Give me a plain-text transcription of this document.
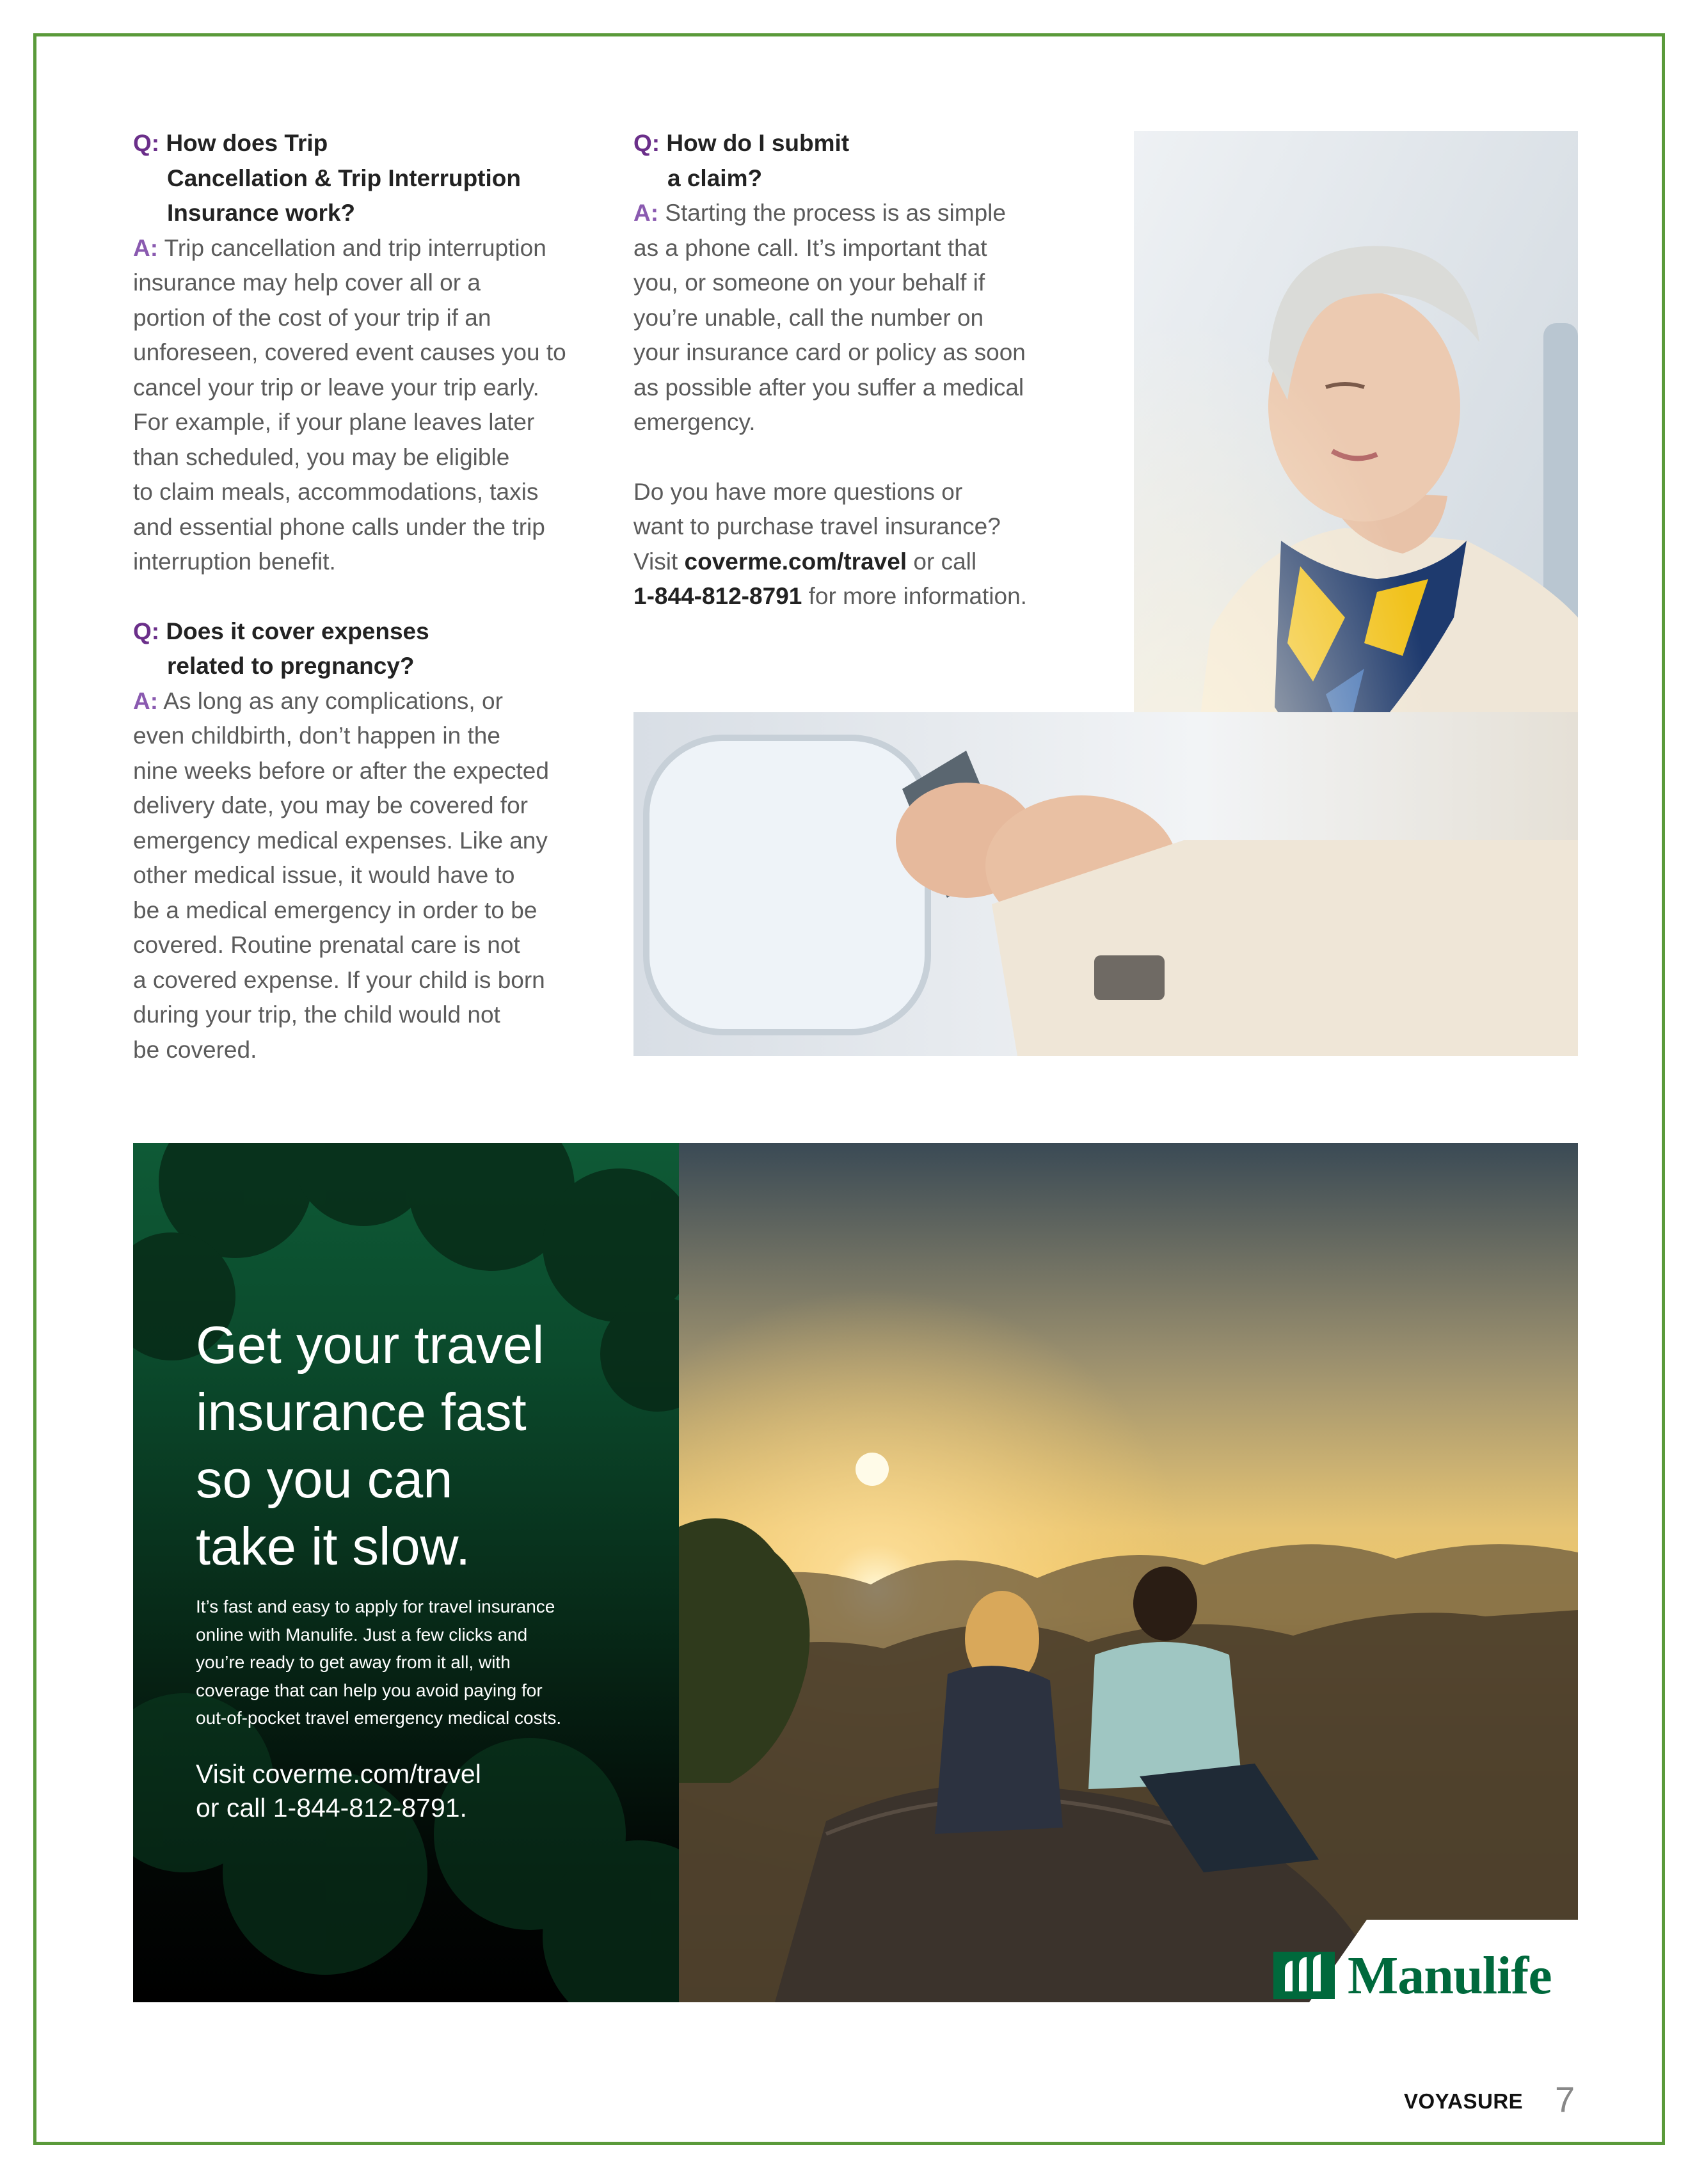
Q: How does Trip
Cancellation & Trip Interruption
Insurance work?
A: Trip cancellation and trip interruption
insurance may help cover all or a
portion of the cost of your trip if an
unforeseen, covered event causes you to
cancel your trip or leave your trip early.
For example, if your plane leaves later
than scheduled, you may be eligible
to claim meals, accommodations, taxis
and essential phone calls under the trip
interruption benefit.
Q: Does it cover expenses
related to pregnancy?
A: As long as any complications, or
even childbirth, don’t happen in the
nine weeks before or after the expected
delivery date, you may be covered for
emergency medical expenses. Like any
other medical issue, it would have to
be a medical emergency in order to be
covered. Routine prenatal care is not
a covered expense. If your child is born
during your trip, the child would not
be covered.
Q: How do I submit
a claim?
A: Starting the process is as simple
as a phone call. It’s important that
you, or someone on your behalf if
you’re unable, call the number on
your insurance card or policy as soon
as possible after you suffer a medical
emergency.
Do you have more questions or
want to purchase travel insurance?
Visit coverme.com/travel or call
1-844-812-8791 for more information.
Get your travel
insurance fast
so you can
take it slow.
It’s fast and easy to apply for travel insurance
online with Manulife. Just a few clicks and
you’re ready to get away from it all, with
coverage that can help you avoid paying for
out-of-pocket travel emergency medical costs.
Visit coverme.com/travel
or call 1-844-812-8791.
Manulife
VOYASURE 7
